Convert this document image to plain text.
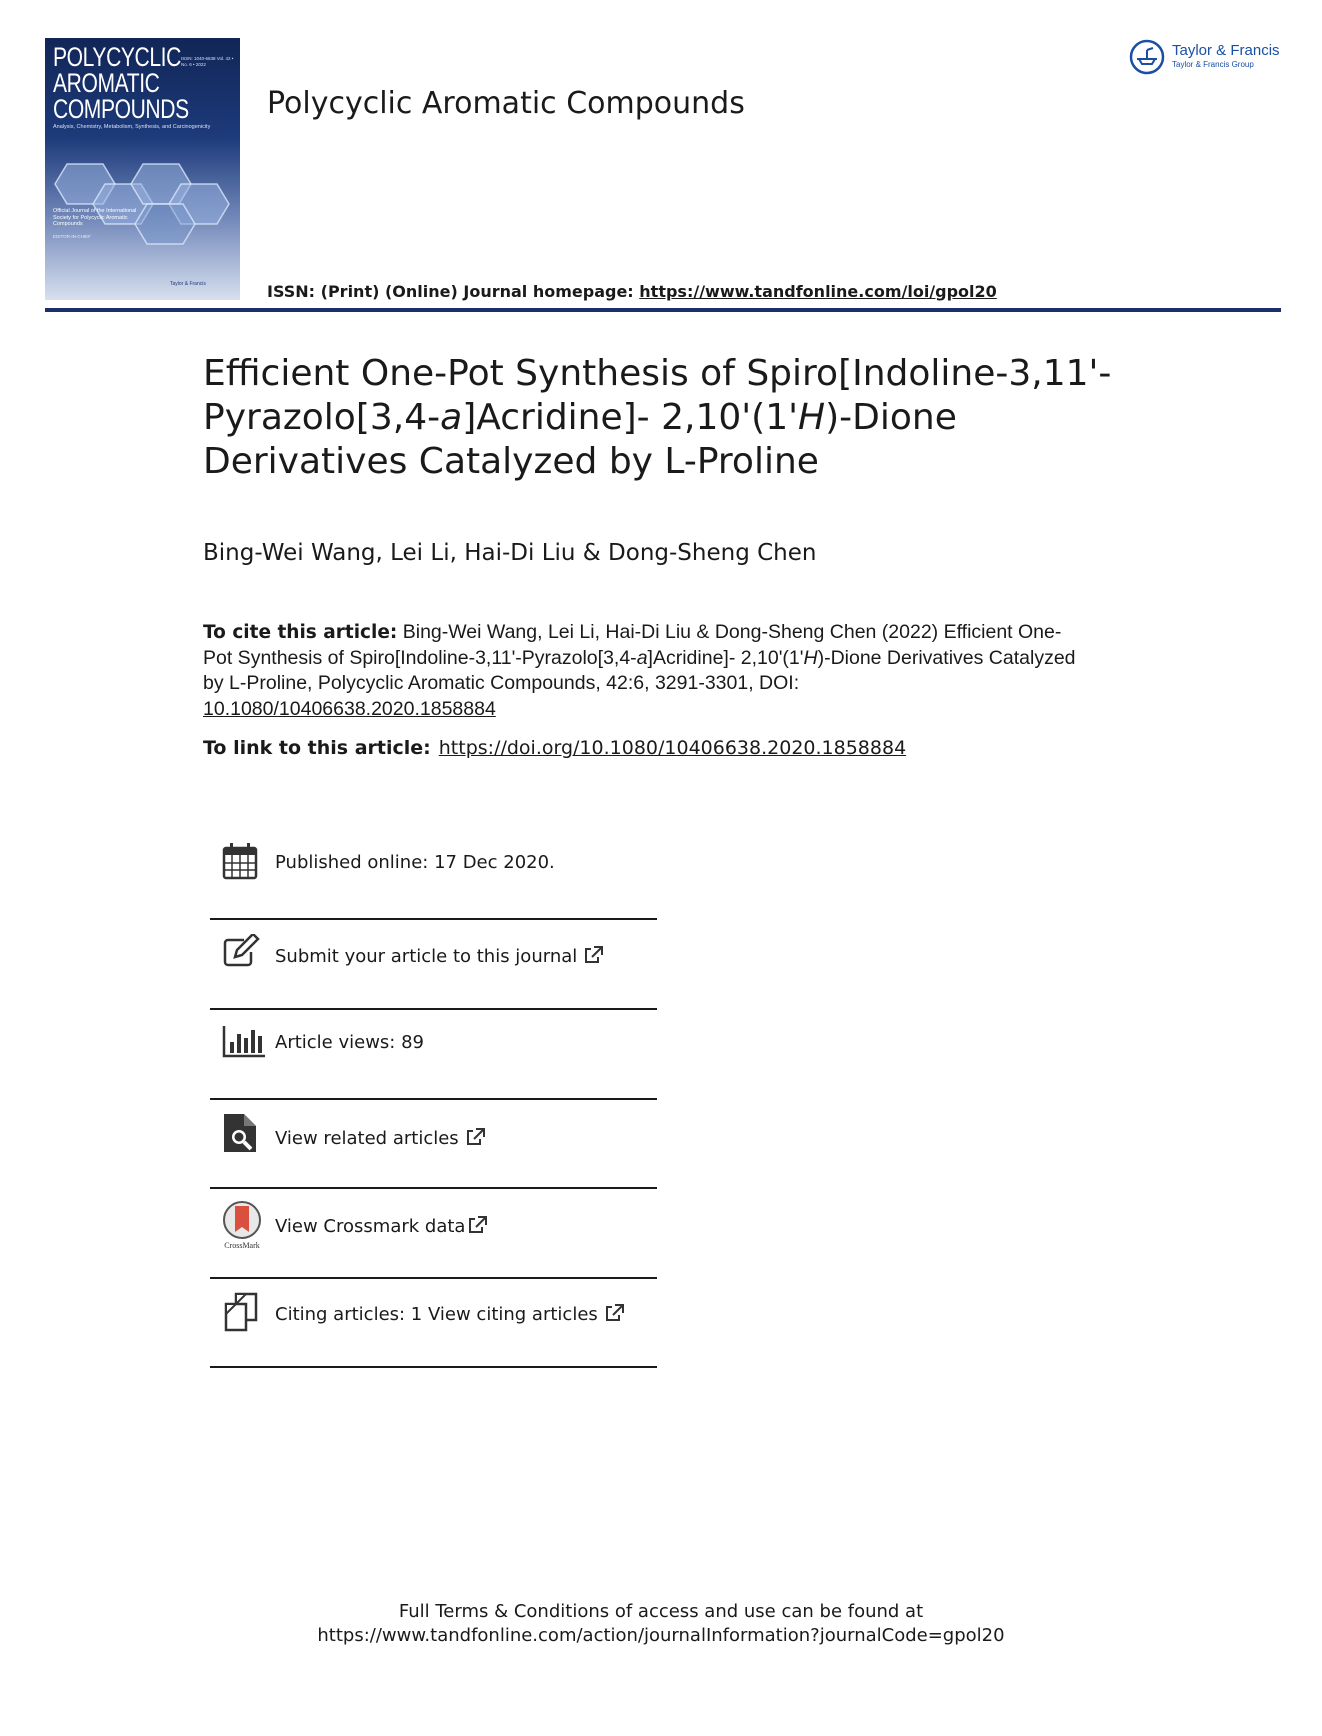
POLYCYCLIC
AROMATIC
COMPOUNDS
ISSN: 1040-6638 Vol. 42 • No. 6 • 2022
Analysis, Chemistry, Metabolism, Synthesis, and Carcinogenicity
Official Journal of the International Society for Polycyclic Aromatic Compounds
EDITOR-IN-CHIEF
Taylor & Francis
Polycyclic Aromatic Compounds
ISSN: (Print) (Online) Journal homepage: https://www.tandfonline.com/loi/gpol20
Taylor & Francis
Taylor & Francis Group
Efficient One-Pot Synthesis of Spiro[Indoline-3,11'-
Pyrazolo[3,4-a]Acridine]- 2,10'(1'H)-Dione
Derivatives Catalyzed by L-Proline
Bing-Wei Wang, Lei Li, Hai-Di Liu & Dong-Sheng Chen
To cite this article: Bing-Wei Wang, Lei Li, Hai-Di Liu & Dong-Sheng Chen (2022) Efficient One-Pot Synthesis of Spiro[Indoline-3,11'-Pyrazolo[3,4-a]Acridine]- 2,10'(1'H)-Dione Derivatives Catalyzed by L-Proline, Polycyclic Aromatic Compounds, 42:6, 3291-3301, DOI: 10.1080/10406638.2020.1858884
To link to this article: https://doi.org/10.1080/10406638.2020.1858884
Published online: 17 Dec 2020.
Submit your article to this journal
Article views: 89
View related articles
CrossMark
View Crossmark data
Citing articles: 1 View citing articles
Full Terms & Conditions of access and use can be found at
https://www.tandfonline.com/action/journalInformation?journalCode=gpol20
